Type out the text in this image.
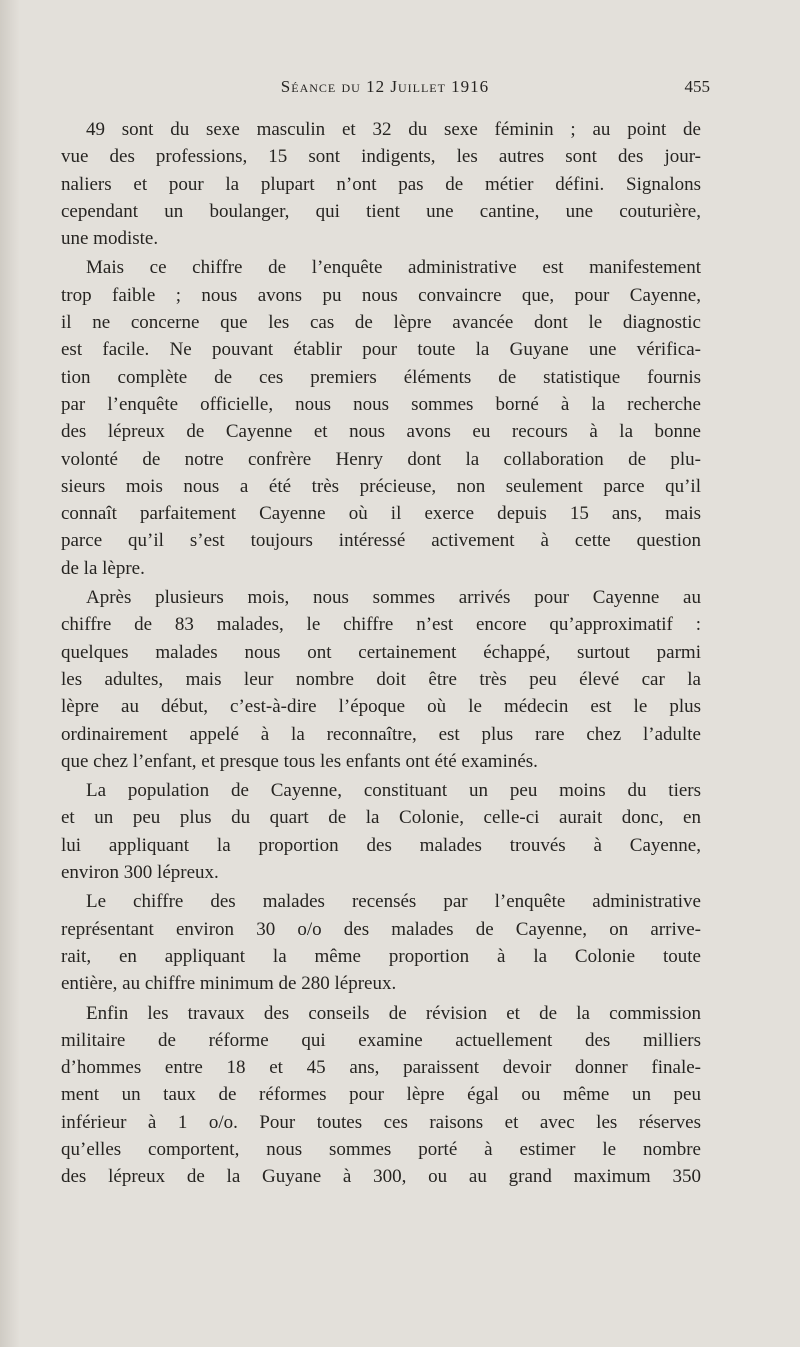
Séance du 12 Juillet 1916	455
49 sont du sexe masculin et 32 du sexe féminin ; au point de
vue des professions, 15 sont indigents, les autres sont des jour-
naliers et pour la plupart n’ont pas de métier défini. Signalons
cependant un boulanger, qui tient une cantine, une couturière,
une modiste.
Mais ce chiffre de l’enquête administrative est manifestement
trop faible ; nous avons pu nous convaincre que, pour Cayenne,
il ne concerne que les cas de lèpre avancée dont le diagnostic
est facile. Ne pouvant établir pour toute la Guyane une vérifica-
tion complète de ces premiers éléments de statistique fournis
par l’enquête officielle, nous nous sommes borné à la recherche
des lépreux de Cayenne et nous avons eu recours à la bonne
volonté de notre confrère Henry dont la collaboration de plu-
sieurs mois nous a été très précieuse, non seulement parce qu’il
connaît parfaitement Cayenne où il exerce depuis 15 ans, mais
parce qu’il s’est toujours intéressé activement à cette question
de la lèpre.
Après plusieurs mois, nous sommes arrivés pour Cayenne au
chiffre de 83 malades, le chiffre n’est encore qu’approximatif :
quelques malades nous ont certainement échappé, surtout parmi
les adultes, mais leur nombre doit être très peu élevé car la
lèpre au début, c’est-à-dire l’époque où le médecin est le plus
ordinairement appelé à la reconnaître, est plus rare chez l’adulte
que chez l’enfant, et presque tous les enfants ont été examinés.
La population de Cayenne, constituant un peu moins du tiers
et un peu plus du quart de la Colonie, celle-ci aurait donc, en
lui appliquant la proportion des malades trouvés à Cayenne,
environ 300 lépreux.
Le chiffre des malades recensés par l’enquête administrative
représentant environ 30 o/o des malades de Cayenne, on arrive-
rait, en appliquant la même proportion à la Colonie toute
entière, au chiffre minimum de 280 lépreux.
Enfin les travaux des conseils de révision et de la commission
militaire de réforme qui examine actuellement des milliers
d’hommes entre 18 et 45 ans, paraissent devoir donner finale-
ment un taux de réformes pour lèpre égal ou même un peu
inférieur à 1 o/o. Pour toutes ces raisons et avec les réserves
qu’elles comportent, nous sommes porté à estimer le nombre
des lépreux de la Guyane à 300, ou au grand maximum 350
